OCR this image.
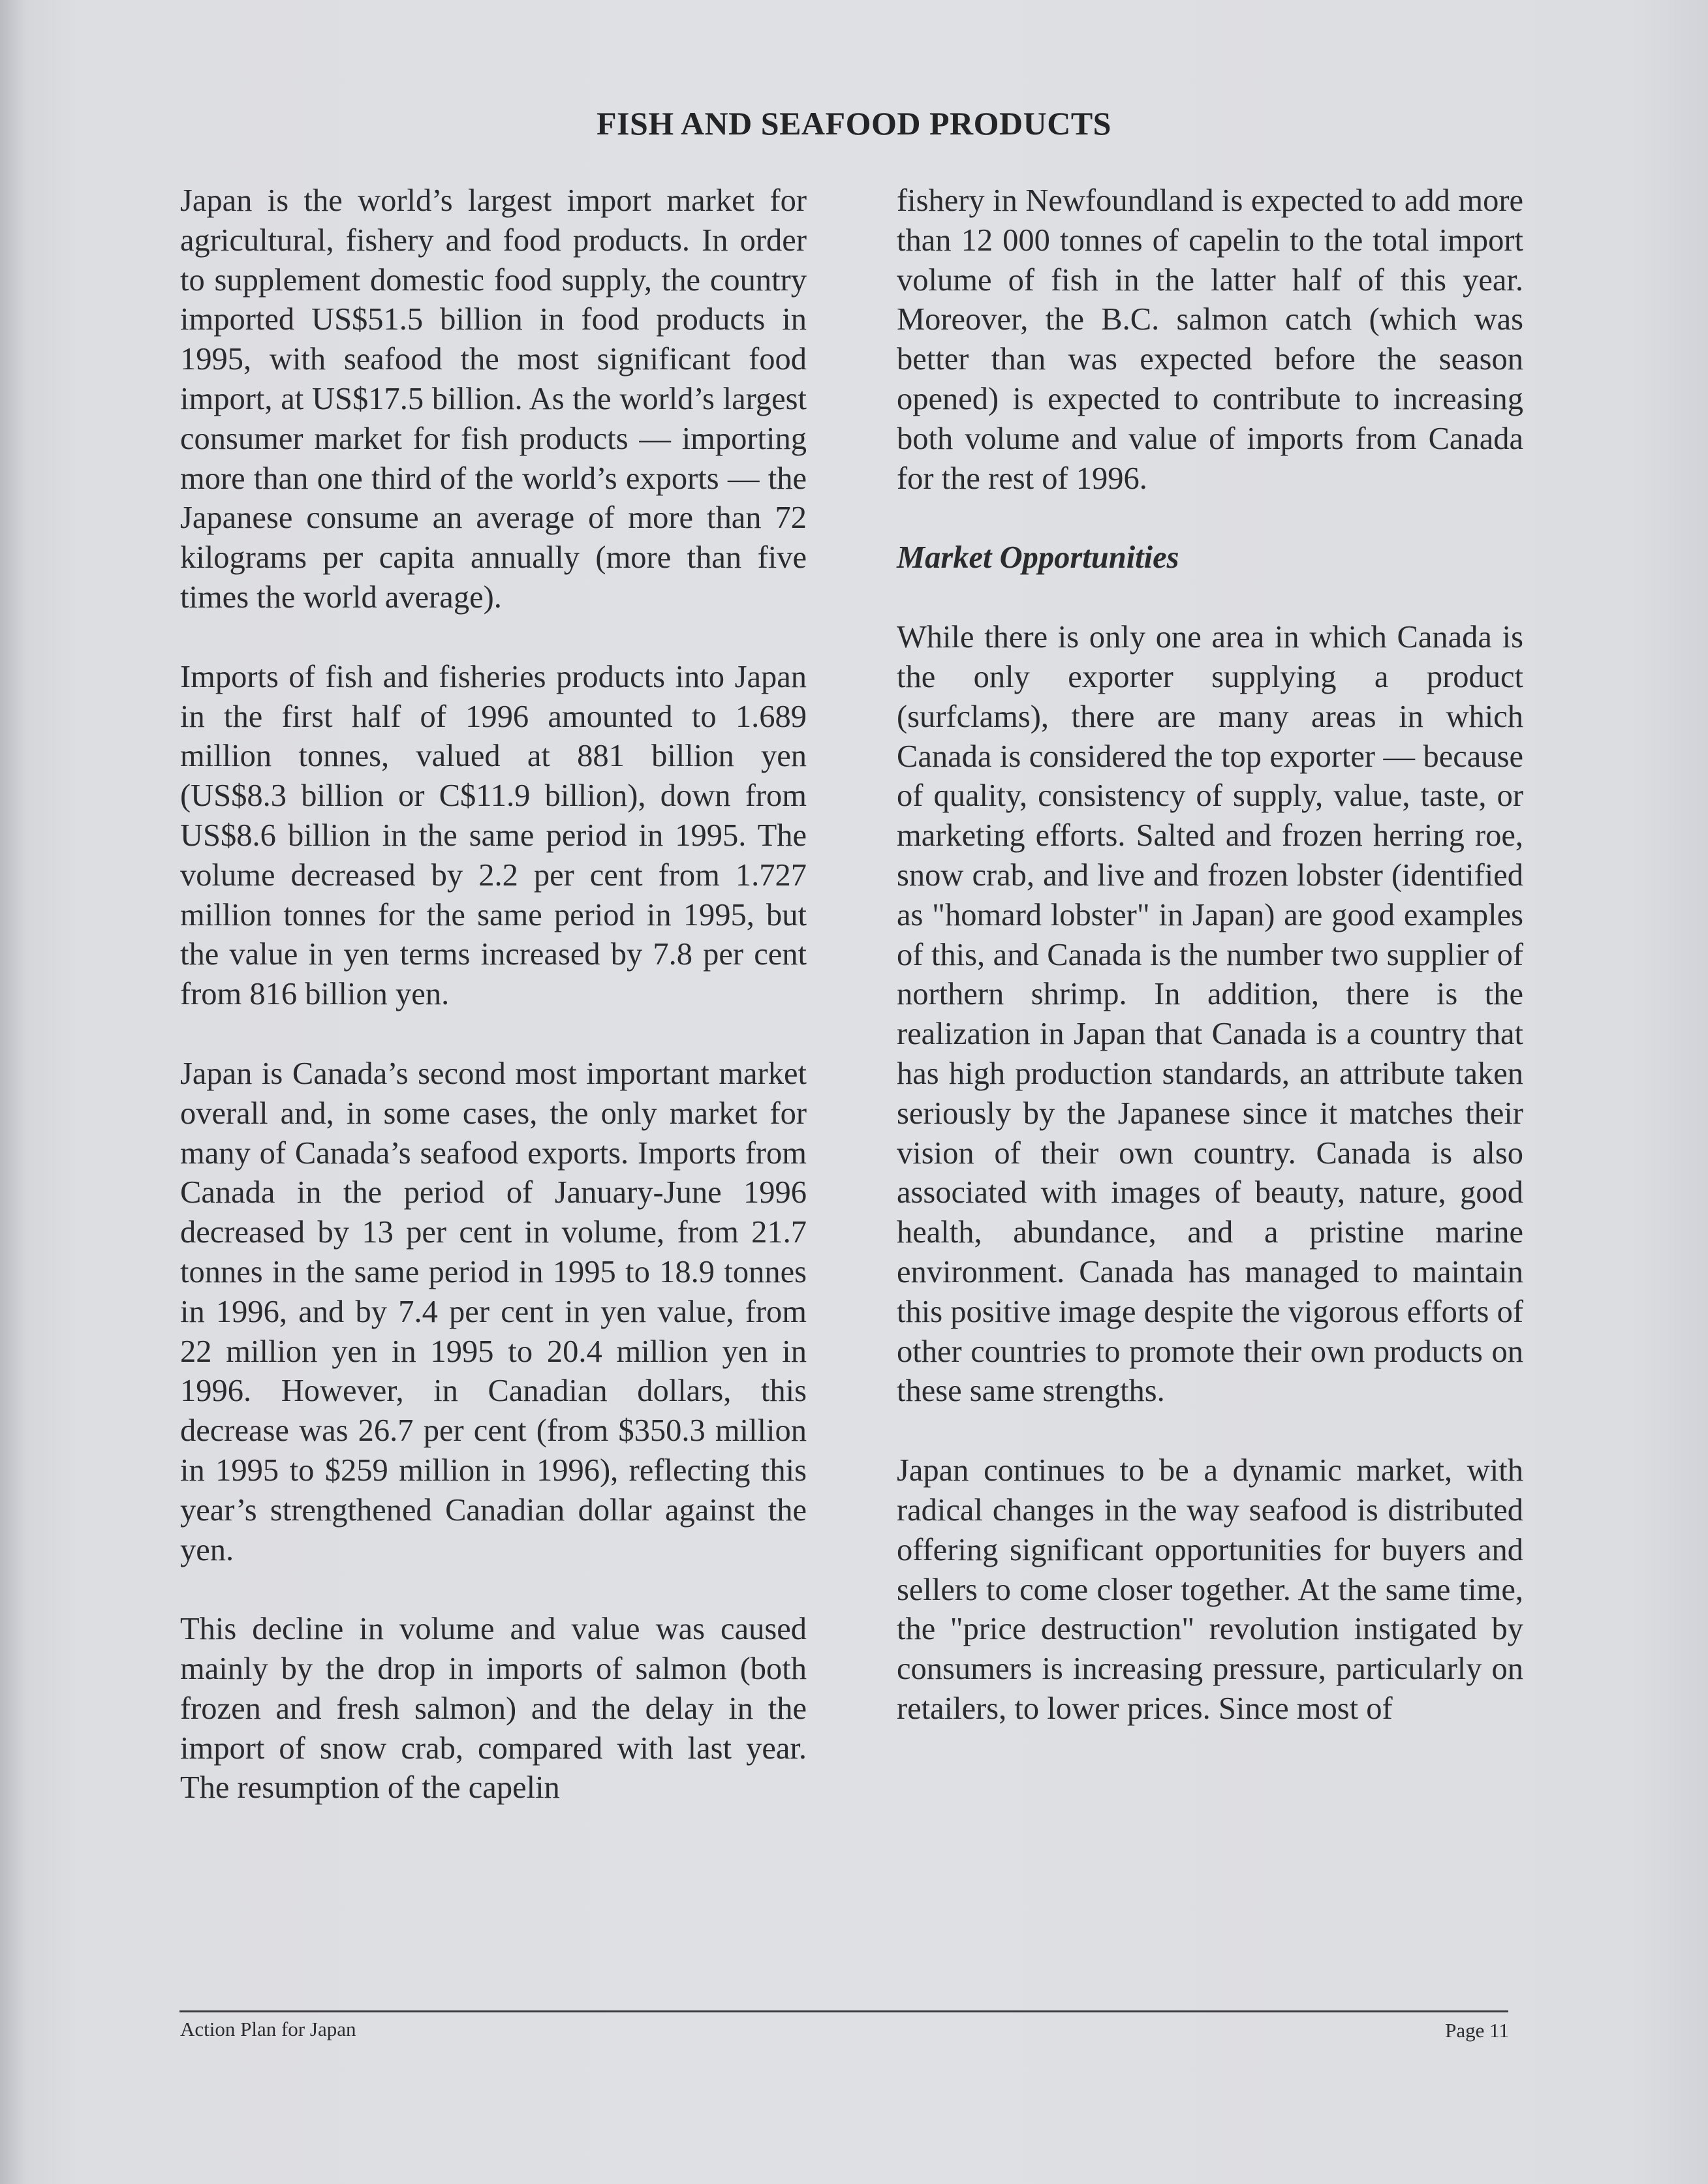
FISH AND SEAFOOD PRODUCTS

Japan is the world’s largest import market for agricultural, fishery and food products. In order to supplement domestic food supply, the country imported US$51.5 billion in food products in 1995, with seafood the most significant food import, at US$17.5 billion. As the world’s largest consumer market for fish products — importing more than one third of the world’s exports — the Japanese consume an average of more than 72 kilograms per capita annually (more than five times the world average).

Imports of fish and fisheries products into Japan in the first half of 1996 amounted to 1.689 million tonnes, valued at 881 billion yen (US$8.3 billion or C$11.9 billion), down from US$8.6 billion in the same period in 1995. The volume decreased by 2.2 per cent from 1.727 million tonnes for the same period in 1995, but the value in yen terms increased by 7.8 per cent from 816 billion yen.

Japan is Canada’s second most important market overall and, in some cases, the only market for many of Canada’s seafood exports. Imports from Canada in the period of January-June 1996 decreased by 13 per cent in volume, from 21.7 tonnes in the same period in 1995 to 18.9 tonnes in 1996, and by 7.4 per cent in yen value, from 22 million yen in 1995 to 20.4 million yen in 1996. However, in Canadian dollars, this decrease was 26.7 per cent (from $350.3 million in 1995 to $259 million in 1996), reflecting this year’s strengthened Canadian dollar against the yen.

This decline in volume and value was caused mainly by the drop in imports of salmon (both frozen and fresh salmon) and the delay in the import of snow crab, compared with last year. The resumption of the capelin

fishery in Newfoundland is expected to add more than 12 000 tonnes of capelin to the total import volume of fish in the latter half of this year. Moreover, the B.C. salmon catch (which was better than was expected before the season opened) is expected to contribute to increasing both volume and value of imports from Canada for the rest of 1996.

Market Opportunities

While there is only one area in which Canada is the only exporter supplying a product (surfclams), there are many areas in which Canada is considered the top exporter — because of quality, consistency of supply, value, taste, or marketing efforts. Salted and frozen herring roe, snow crab, and live and frozen lobster (identified as "homard lobster" in Japan) are good examples of this, and Canada is the number two supplier of northern shrimp. In addition, there is the realization in Japan that Canada is a country that has high production standards, an attribute taken seriously by the Japanese since it matches their vision of their own country. Canada is also associated with images of beauty, nature, good health, abundance, and a pristine marine environment. Canada has managed to maintain this positive image despite the vigorous efforts of other countries to promote their own products on these same strengths.

Japan continues to be a dynamic market, with radical changes in the way seafood is distributed offering significant opportunities for buyers and sellers to come closer together. At the same time, the "price destruction" revolution instigated by consumers is increasing pressure, particularly on retailers, to lower prices. Since most of

Action Plan for Japan	Page 11
